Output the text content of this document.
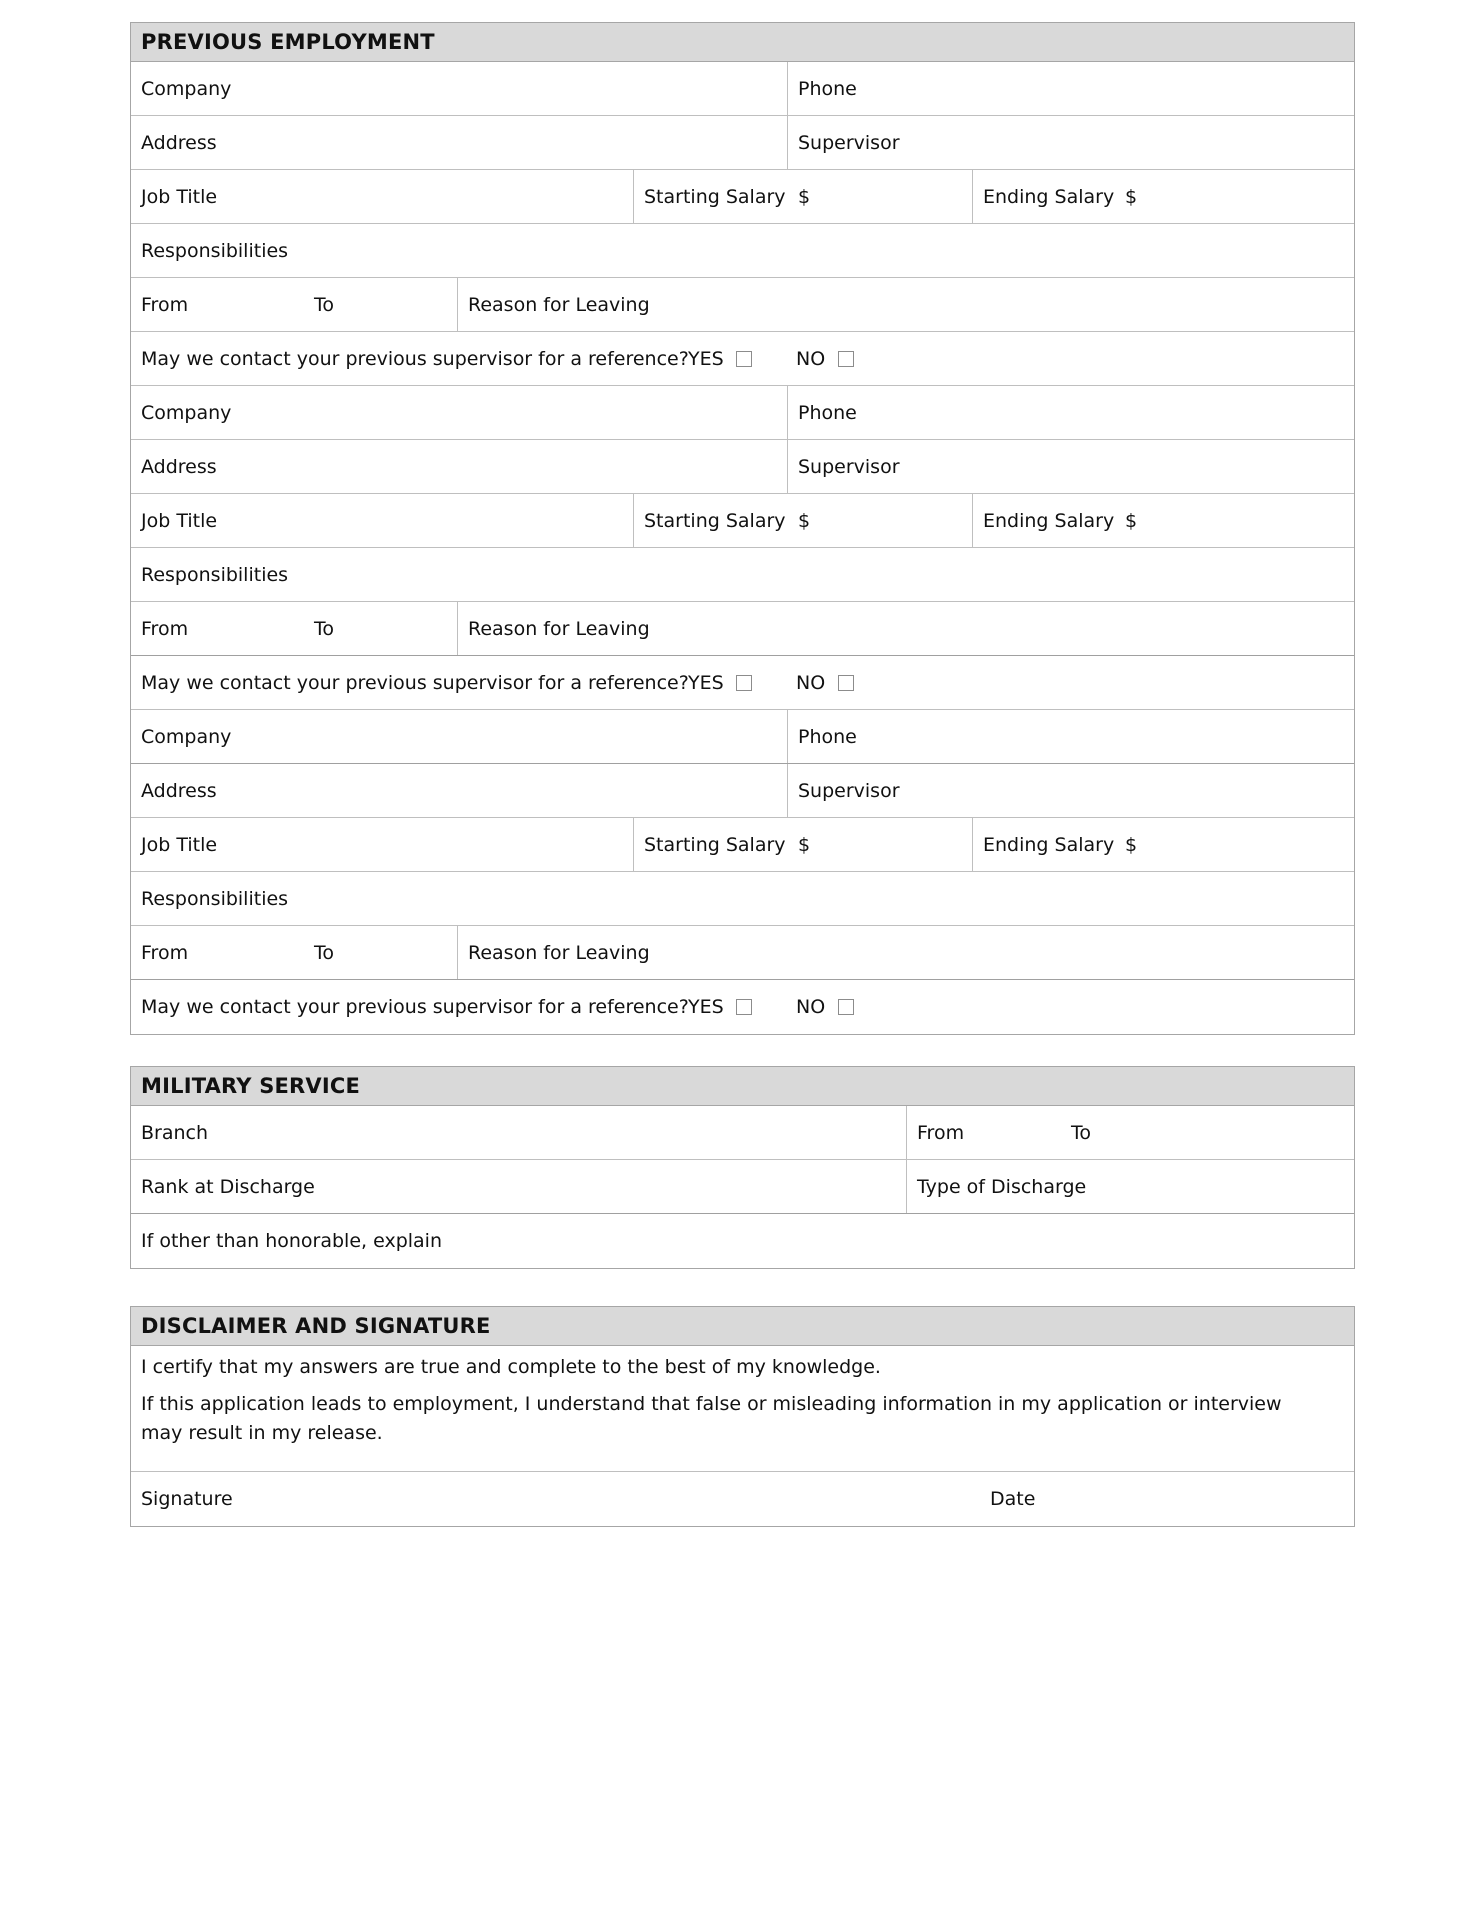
PREVIOUS EMPLOYMENT
Company	Phone
Address	Supervisor
Job Title	Starting Salary $	Ending Salary $
Responsibilities
From	To	Reason for Leaving
May we contact your previous supervisor for a reference? YES	NO
Company	Phone
Address	Supervisor
Job Title	Starting Salary $	Ending Salary $
Responsibilities
From	To	Reason for Leaving
May we contact your previous supervisor for a reference? YES	NO
Company	Phone
Address	Supervisor
Job Title	Starting Salary $	Ending Salary $
Responsibilities
From	To	Reason for Leaving
May we contact your previous supervisor for a reference? YES	NO
MILITARY SERVICE
Branch	From	To
Rank at Discharge	Type of Discharge
If other than honorable, explain
DISCLAIMER AND SIGNATURE
I certify that my answers are true and complete to the best of my knowledge.
If this application leads to employment, I understand that false or misleading information in my application or interview
may result in my release.
Signature	Date
